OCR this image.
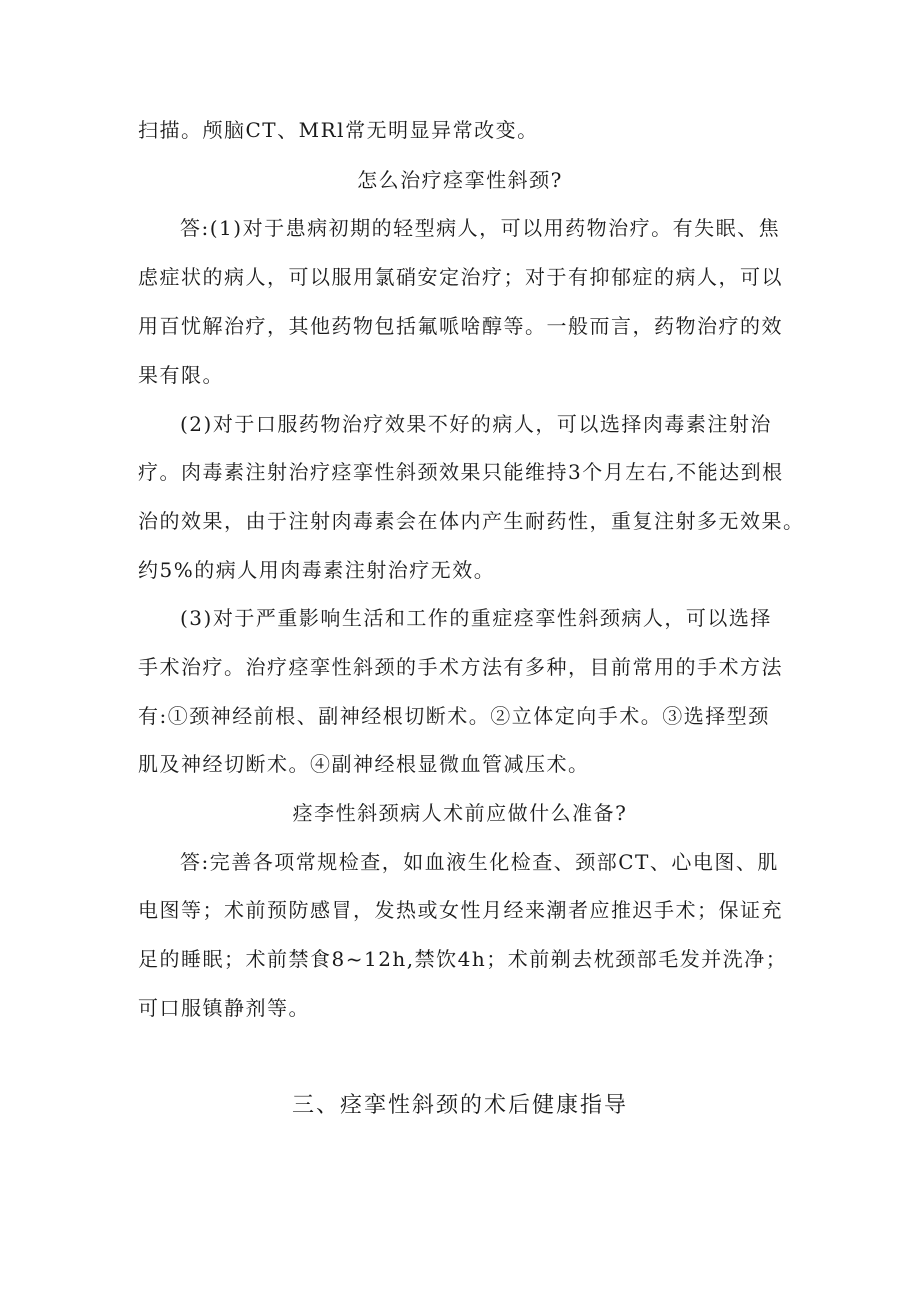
扫描。颅脑CT、MRl常无明显异常改变。
怎么治疗痉挛性斜颈?
答:(1)对于患病初期的轻型病人，可以用药物治疗。有失眠、焦
虑症状的病人，可以服用氯硝安定治疗；对于有抑郁症的病人，可以
用百忧解治疗，其他药物包括氟哌啥醇等。一般而言，药物治疗的效
果有限。
(2)对于口服药物治疗效果不好的病人，可以选择肉毒素注射治
疗。肉毒素注射治疗痉挛性斜颈效果只能维持3个月左右,不能达到根
治的效果，由于注射肉毒素会在体内产生耐药性，重复注射多无效果。
约5%的病人用肉毒素注射治疗无效。
(3)对于严重影响生活和工作的重症痉挛性斜颈病人，可以选择
手术治疗。治疗痉挛性斜颈的手术方法有多种，目前常用的手术方法
有:①颈神经前根、副神经根切断术。②立体定向手术。③选择型颈
肌及神经切断术。④副神经根显微血管减压术。
痉李性斜颈病人术前应做什么准备?
答:完善各项常规检查，如血液生化检查、颈部CT、心电图、肌
电图等；术前预防感冒，发热或女性月经来潮者应推迟手术；保证充
足的睡眠；术前禁食8~12h,禁饮4h；术前剃去枕颈部毛发并洗净；
可口服镇静剂等。
三、痉挛性斜颈的术后健康指导
